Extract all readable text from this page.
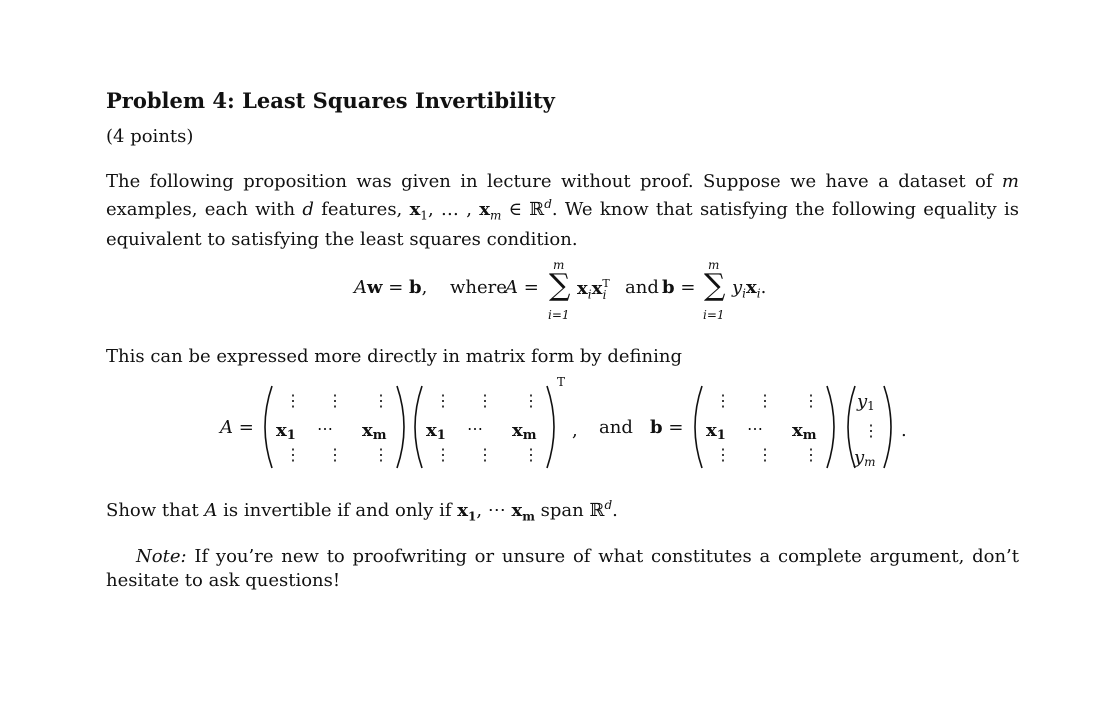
Problem 4: Least Squares Invertibility
(4 points)
The following proposition was given in lecture without proof. Suppose we have a dataset of m examples, each with d features, $x_1$, … , $x_m$ ∈ ℝ$^d$. We know that satisfying the following equality is equivalent to satisfying the least squares condition.
Aw = b, where
A =
m
∑
i=1
$x_ix^T_i$ and b =
m
∑
i=1
$y_ix_i$.
This can be expressed more directly in matrix form by defining
A =
⋮ ⋮ ⋮
⋯
⋮ ⋮ ⋮
x1	xm
⋮ ⋮ ⋮
⋯
⋮ ⋮ ⋮
x1	xm
T
, and b =
⋮ ⋮ ⋮
⋯
⋮ ⋮ ⋮
x1	xm
y1
⋮
ym
.
Show that A is invertible if and only if $x_1$, ⋯ $x_m$ span ℝ$^d$.
Note: If you’re new to proofwriting or unsure of what constitutes a complete argument, don’t hesitate to ask questions!
